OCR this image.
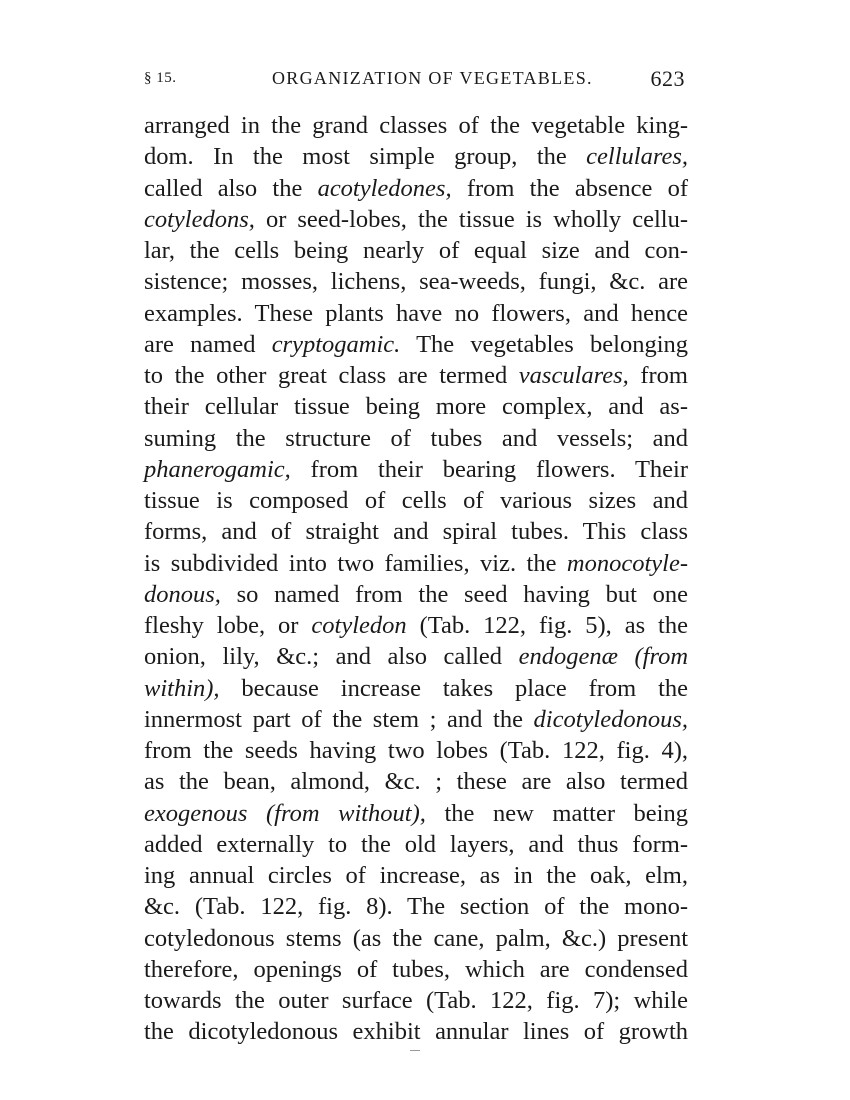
§ 15.	ORGANIZATION OF VEGETABLES.	623
arranged in the grand classes of the vegetable king-
dom. In the most simple group, the cellulares,
called also the acotyledones, from the absence of
cotyledons, or seed-lobes, the tissue is wholly cellu-
lar, the cells being nearly of equal size and con-
sistence; mosses, lichens, sea-weeds, fungi, &c. are
examples. These plants have no flowers, and hence
are named cryptogamic. The vegetables belonging
to the other great class are termed vasculares, from
their cellular tissue being more complex, and as-
suming the structure of tubes and vessels; and
phanerogamic, from their bearing flowers. Their
tissue is composed of cells of various sizes and
forms, and of straight and spiral tubes. This class
is subdivided into two families, viz. the monocotyle-
donous, so named from the seed having but one
fleshy lobe, or cotyledon (Tab. 122, fig. 5), as the
onion, lily, &c.; and also called endogenæ (from
within), because increase takes place from the
innermost part of the stem ; and the dicotyledonous,
from the seeds having two lobes (Tab. 122, fig. 4),
as the bean, almond, &c. ; these are also termed
exogenous (from without), the new matter being
added externally to the old layers, and thus form-
ing annual circles of increase, as in the oak, elm,
&c. (Tab. 122, fig. 8). The section of the mono-
cotyledonous stems (as the cane, palm, &c.) present
therefore, openings of tubes, which are condensed
towards the outer surface (Tab. 122, fig. 7); while
the dicotyledonous exhibit annular lines of growth
